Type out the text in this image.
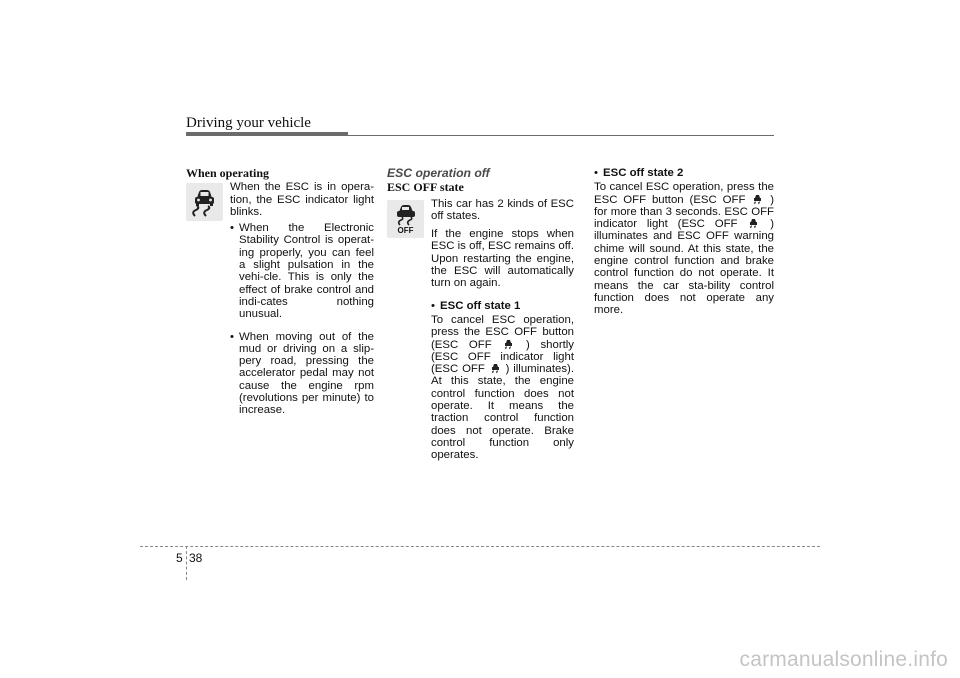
Driving your vehicle
When operating
When the ESC is in opera-tion, the ESC indicator light blinks.
• When the Electronic Stability Control is operat-ing properly, you can feel a slight pulsation in the vehi-cle. This is only the effect of brake control and indi-cates nothing unusual.
• When moving out of the mud or driving on a slip-pery road, pressing the accelerator pedal may not cause the engine rpm (revolutions per minute) to increase.
ESC operation off
ESC OFF state
OFF
This car has 2 kinds of ESC off states.
If the engine stops when ESC is off, ESC remains off. Upon restarting the engine, the ESC will automatically turn on again.
• ESC off state 1
To cancel ESC operation, press the ESC OFF button (ESC OFF	) shortly (ESC OFF indicator light (ESC OFF ) illuminates). At this state, the engine control function does not operate. It means the traction control function does not operate. Brake control function only operates.
• ESC off state 2
To cancel ESC operation, press the ESC OFF button (ESC OFF ) for more than 3 seconds. ESC OFF indicator light (ESC OFF	) illuminates and ESC OFF warning chime will sound. At this state, the engine control function and brake control function do not operate. It means the car sta-bility control function does not operate any more.
5 38
carmanualsonline.info
